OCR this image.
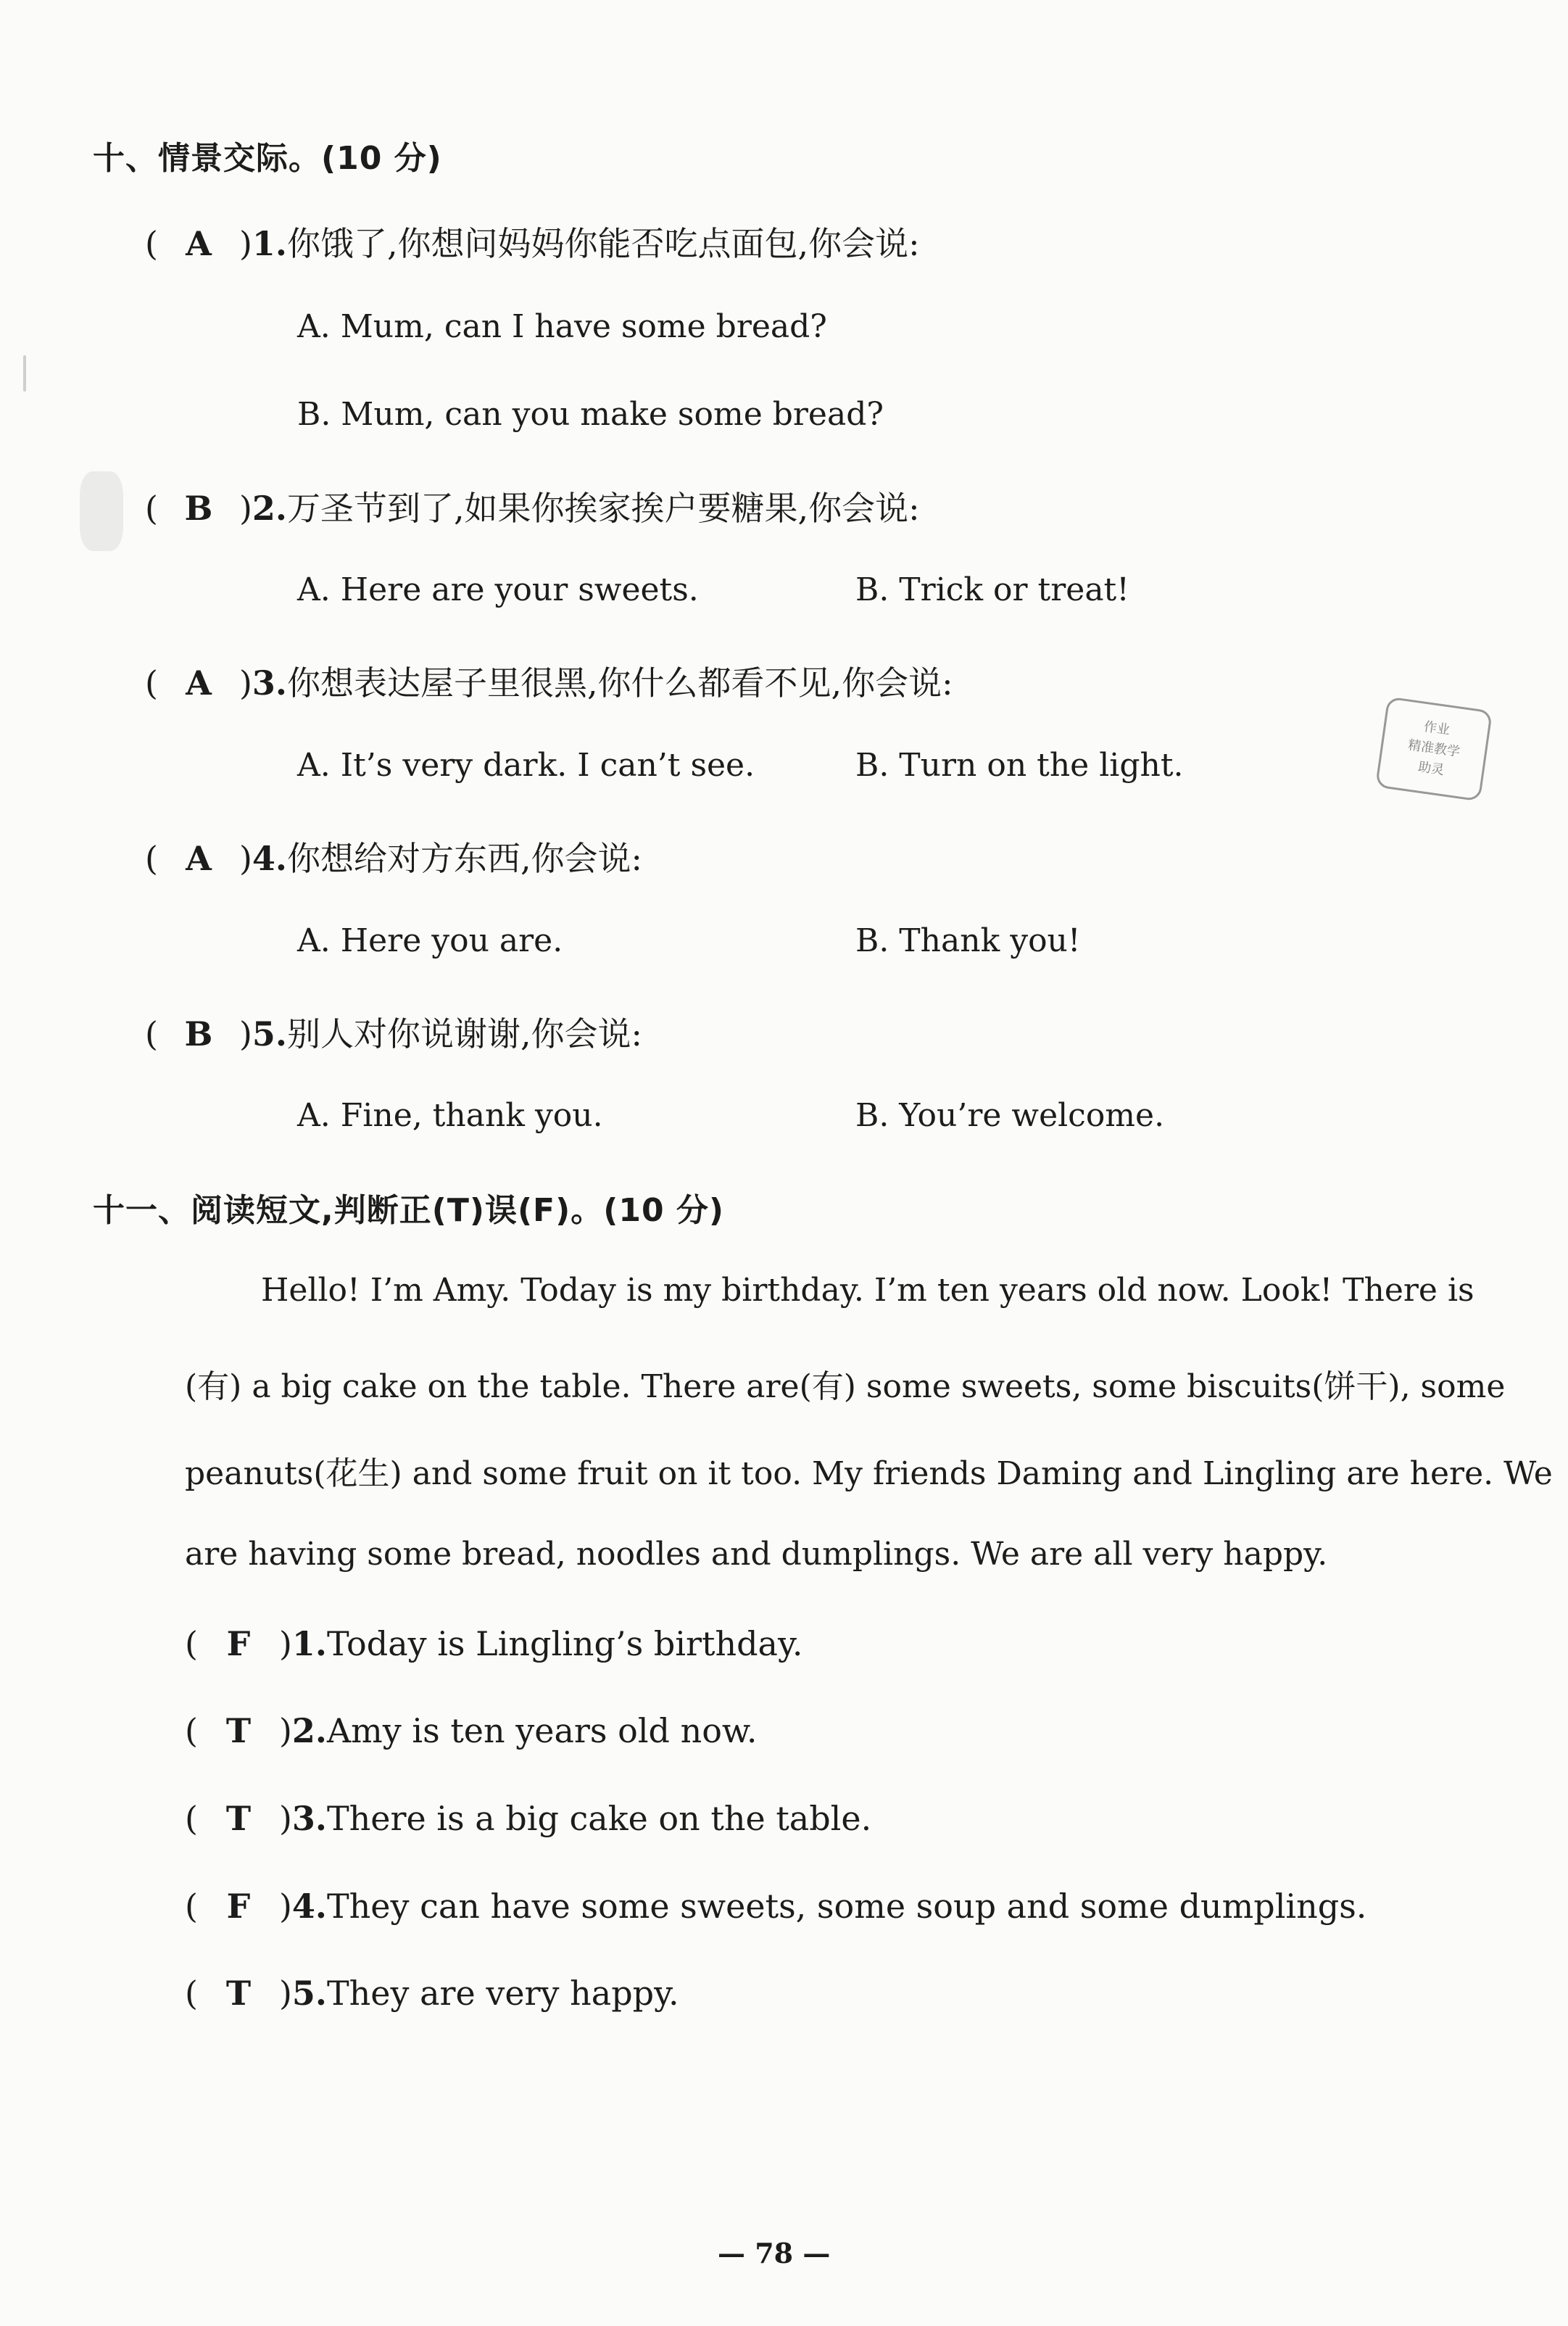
十、情景交际。(10 分)
( A )1.你饿了,你想问妈妈你能否吃点面包,你会说:
A. Mum, can I have some bread?
B. Mum, can you make some bread?
( B )2.万圣节到了,如果你挨家挨户要糖果,你会说:
A. Here are your sweets.	B. Trick or treat!
( A )3.你想表达屋子里很黑,你什么都看不见,你会说:
A. It’s very dark. I can’t see.	B. Turn on the light.
( A )4.你想给对方东西,你会说:
A. Here you are.	B. Thank you!
( B )5.别人对你说谢谢,你会说:
A. Fine, thank you.	B. You’re welcome.
十一、阅读短文,判断正(T)误(F)。(10 分)
Hello! I’m Amy. Today is my birthday. I’m ten years old now. Look! There is
(有) a big cake on the table. There are(有) some sweets, some biscuits(饼干), some
peanuts(花生) and some fruit on it too. My friends Daming and Lingling are here. We
are having some bread, noodles and dumplings. We are all very happy.
( F )1.Today is Lingling’s birthday.
( T )2.Amy is ten years old now.
( T )3.There is a big cake on the table.
( F )4.They can have some sweets, some soup and some dumplings.
( T )5.They are very happy.
作业
精准教学
助灵
— 78 —
